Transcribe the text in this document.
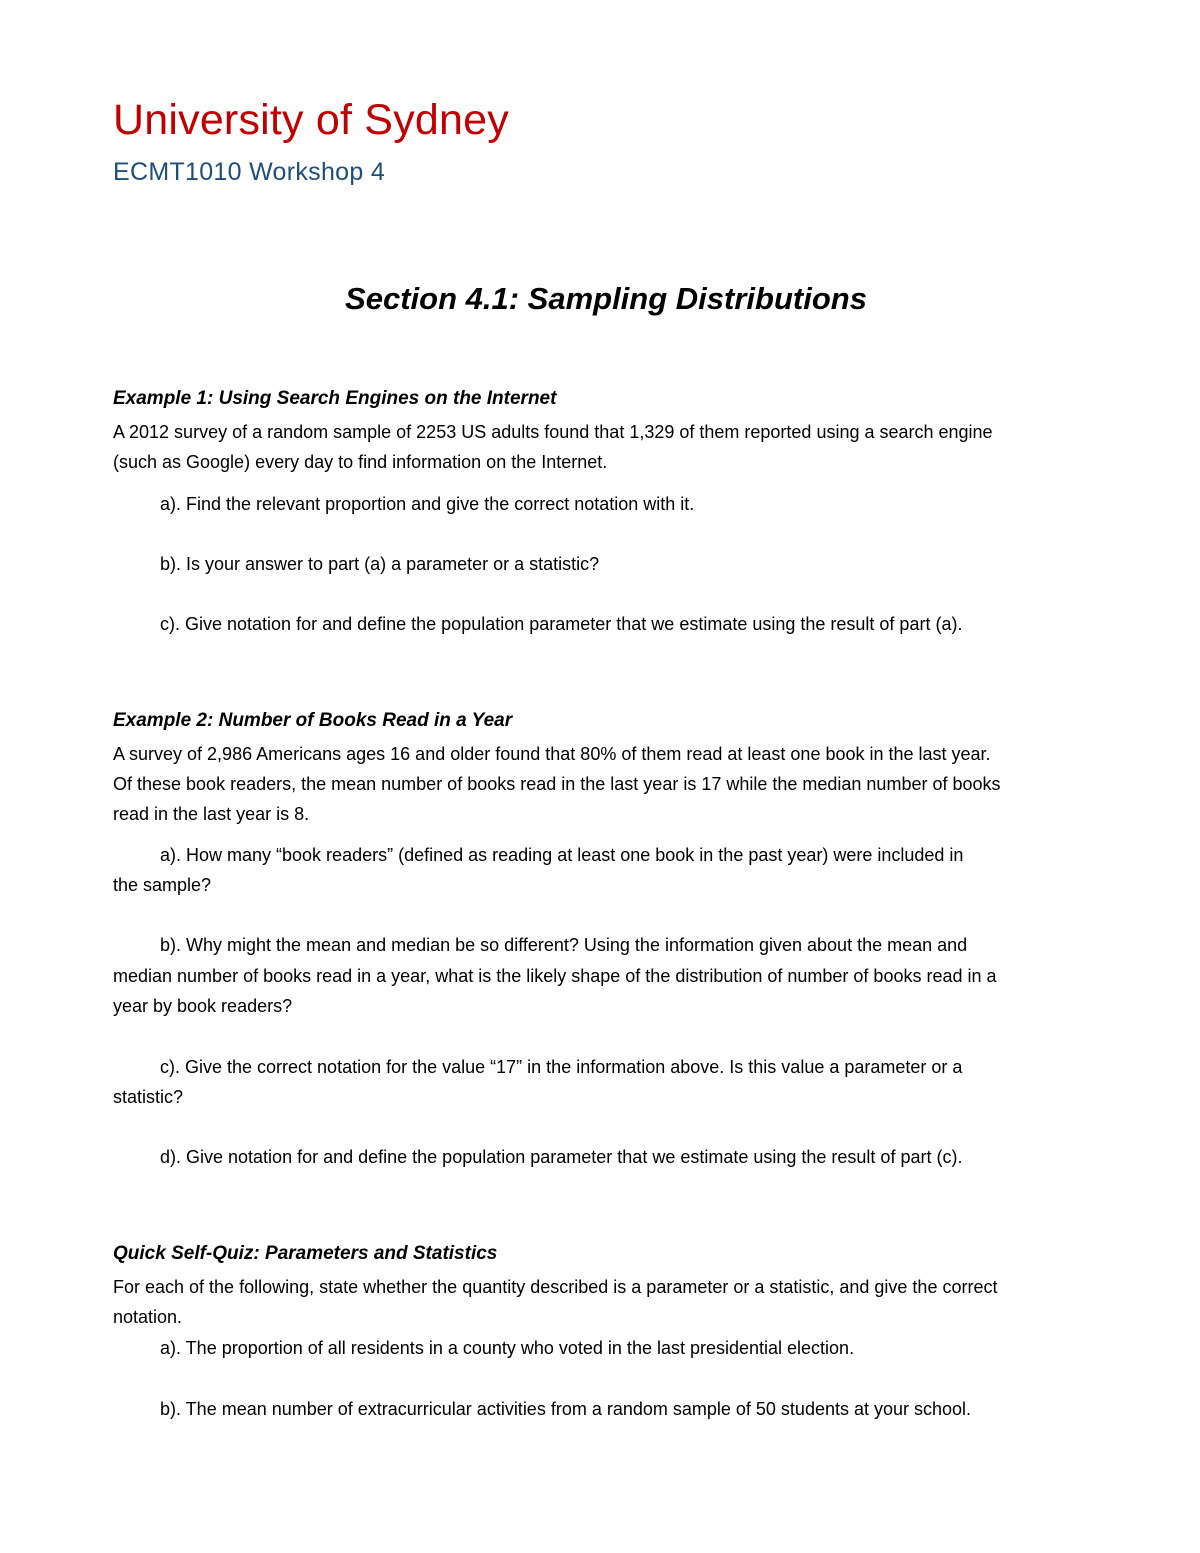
University of Sydney
ECMT1010 Workshop 4
Section 4.1: Sampling Distributions
Example 1: Using Search Engines on the Internet
A 2012 survey of a random sample of 2253 US adults found that 1,329 of them reported using a search engine
(such as Google) every day to find information on the Internet.
a). Find the relevant proportion and give the correct notation with it.
b). Is your answer to part (a) a parameter or a statistic?
c). Give notation for and define the population parameter that we estimate using the result of part (a).
Example 2: Number of Books Read in a Year
A survey of 2,986 Americans ages 16 and older found that 80% of them read at least one book in the last year.
Of these book readers, the mean number of books read in the last year is 17 while the median number of books
read in the last year is 8.
a). How many “book readers” (defined as reading at least one book in the past year) were included in
the sample?
b). Why might the mean and median be so different? Using the information given about the mean and
median number of books read in a year, what is the likely shape of the distribution of number of books read in a
year by book readers?
c). Give the correct notation for the value “17” in the information above. Is this value a parameter or a
statistic?
d). Give notation for and define the population parameter that we estimate using the result of part (c).
Quick Self-Quiz: Parameters and Statistics
For each of the following, state whether the quantity described is a parameter or a statistic, and give the correct
notation.
a). The proportion of all residents in a county who voted in the last presidential election.
b). The mean number of extracurricular activities from a random sample of 50 students at your school.
